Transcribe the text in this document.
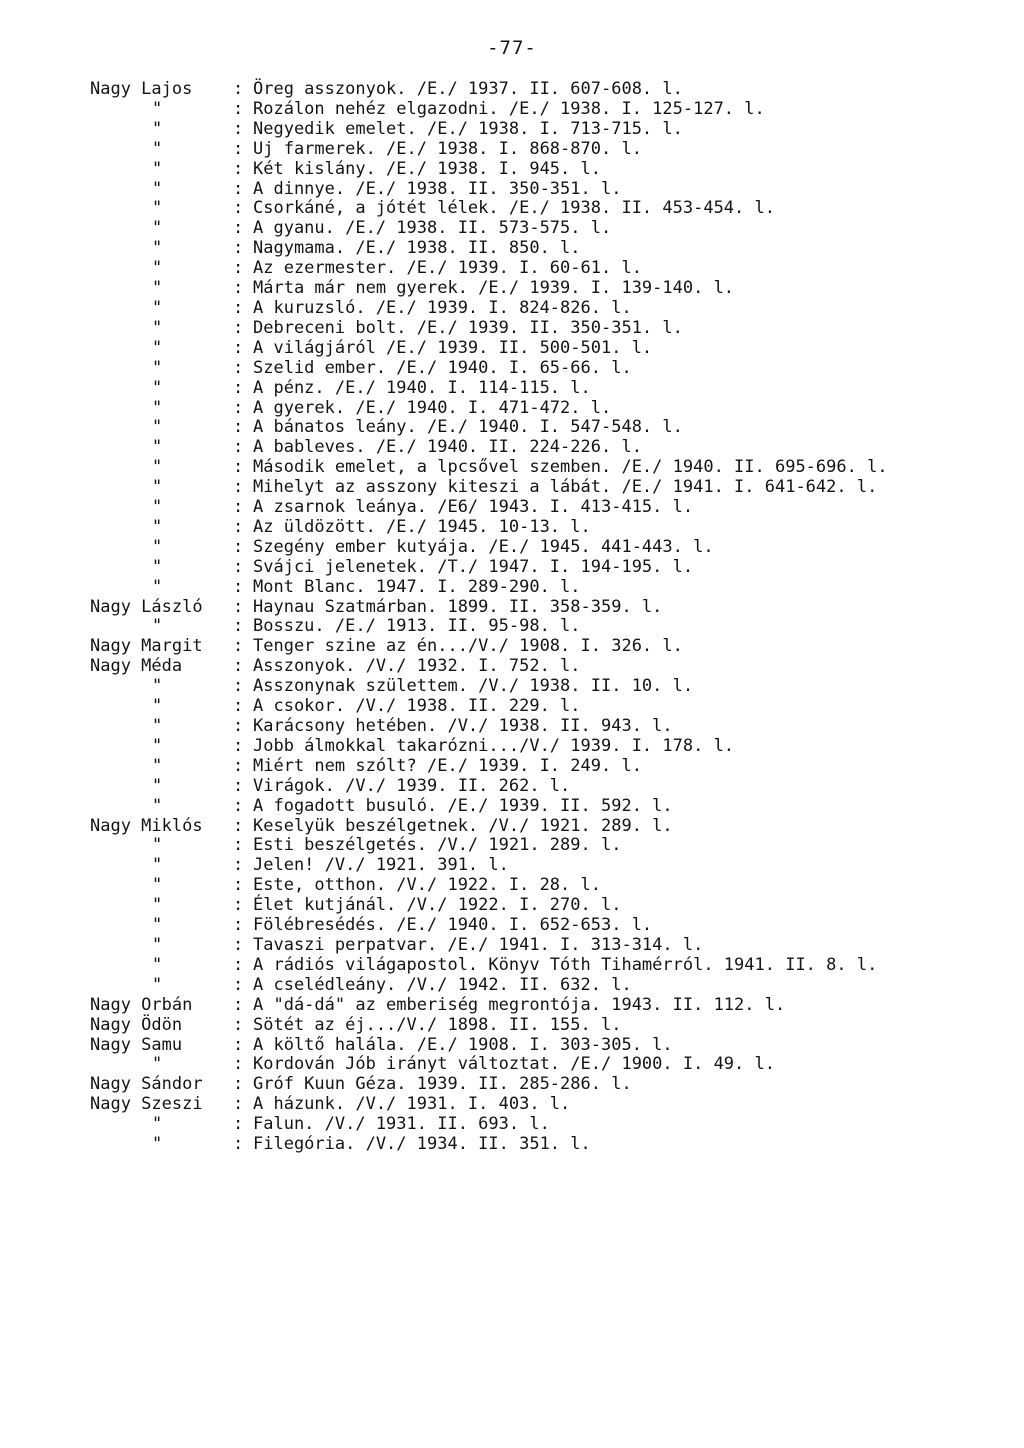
-77-
Nagy Lajos	: Öreg asszonyok. /E./ 1937. II. 607-608. l.
"	: Rozálon nehéz elgazodni. /E./ 1938. I. 125-127. l.
"	: Negyedik emelet. /E./ 1938. I. 713-715. l.
"	: Uj farmerek. /E./ 1938. I. 868-870. l.
"	: Két kislány. /E./ 1938. I. 945. l.
"	: A dinnye. /E./ 1938. II. 350-351. l.
"	: Csorkáné, a jótét lélek. /E./ 1938. II. 453-454. l.
"	: A gyanu. /E./ 1938. II. 573-575. l.
"	: Nagymama. /E./ 1938. II. 850. l.
"	: Az ezermester. /E./ 1939. I. 60-61. l.
"	: Márta már nem gyerek. /E./ 1939. I. 139-140. l.
"	: A kuruzsló. /E./ 1939. I. 824-826. l.
"	: Debreceni bolt. /E./ 1939. II. 350-351. l.
"	: A világjáról /E./ 1939. II. 500-501. l.
"	: Szelid ember. /E./ 1940. I. 65-66. l.
"	: A pénz. /E./ 1940. I. 114-115. l.
"	: A gyerek. /E./ 1940. I. 471-472. l.
"	: A bánatos leány. /E./ 1940. I. 547-548. l.
"	: A bableves. /E./ 1940. II. 224-226. l.
"	: Második emelet, a lpcsővel szemben. /E./ 1940. II. 695-696. l.
"	: Mihelyt az asszony kiteszi a lábát. /E./ 1941. I. 641-642. l.
"	: A zsarnok leánya. /E6/ 1943. I. 413-415. l.
"	: Az üldözött. /E./ 1945. 10-13. l.
"	: Szegény ember kutyája. /E./ 1945. 441-443. l.
"	: Svájci jelenetek. /T./ 1947. I. 194-195. l.
"	: Mont Blanc. 1947. I. 289-290. l.
Nagy László	: Haynau Szatmárban. 1899. II. 358-359. l.
"	: Bosszu. /E./ 1913. II. 95-98. l.
Nagy Margit	: Tenger szine az én.../V./ 1908. I. 326. l.
Nagy Méda	: Asszonyok. /V./ 1932. I. 752. l.
"	: Asszonynak születtem. /V./ 1938. II. 10. l.
"	: A csokor. /V./ 1938. II. 229. l.
"	: Karácsony hetében. /V./ 1938. II. 943. l.
"	: Jobb álmokkal takarózni.../V./ 1939. I. 178. l.
"	: Miért nem szólt? /E./ 1939. I. 249. l.
"	: Virágok. /V./ 1939. II. 262. l.
"	: A fogadott busuló. /E./ 1939. II. 592. l.
Nagy Miklós	: Keselyük beszélgetnek. /V./ 1921. 289. l.
"	: Esti beszélgetés. /V./ 1921. 289. l.
"	: Jelen! /V./ 1921. 391. l.
"	: Este, otthon. /V./ 1922. I. 28. l.
"	: Élet kutjánál. /V./ 1922. I. 270. l.
"	: Fölébresédés. /E./ 1940. I. 652-653. l.
"	: Tavaszi perpatvar. /E./ 1941. I. 313-314. l.
"	: A rádiós világapostol. Könyv Tóth Tihamérról. 1941. II. 8. l.
"	: A cselédleány. /V./ 1942. II. 632. l.
Nagy Orbán	: A "dá-dá" az emberiség megrontója. 1943. II. 112. l.
Nagy Ödön	: Sötét az éj.../V./ 1898. II. 155. l.
Nagy Samu	: A költő halála. /E./ 1908. I. 303-305. l.
"	: Kordován Jób irányt változtat. /E./ 1900. I. 49. l.
Nagy Sándor	: Gróf Kuun Géza. 1939. II. 285-286. l.
Nagy Szeszi	: A házunk. /V./ 1931. I. 403. l.
"	: Falun. /V./ 1931. II. 693. l.
"	: Filegória. /V./ 1934. II. 351. l.
